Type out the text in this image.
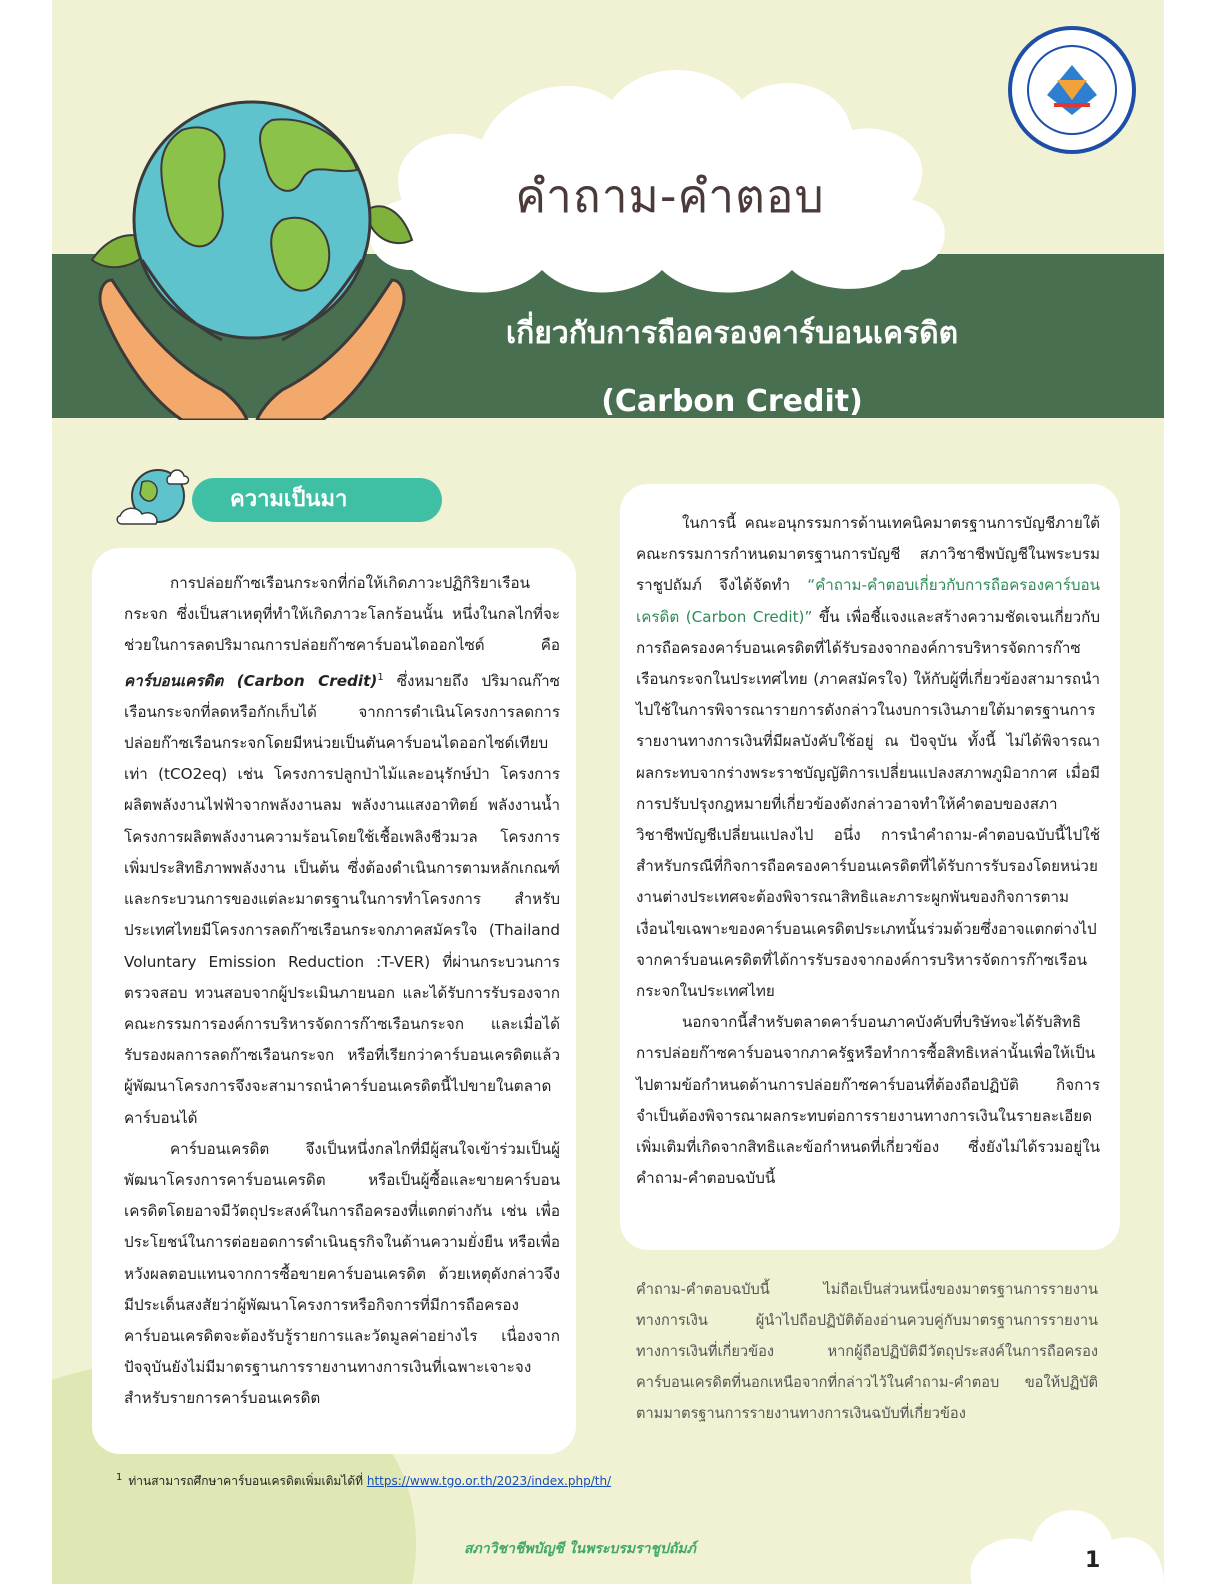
คำถาม-คำตอบ
เกี่ยวกับการถือครองคาร์บอนเครดิต
(Carbon Credit)
ความเป็นมา

การปล่อยก๊าซเรือนกระจกที่ก่อให้เกิดภาวะปฏิกิริยาเรือนกระจก ซึ่งเป็นสาเหตุที่ทำให้เกิดภาวะโลกร้อนนั้น หนึ่งในกลไกที่จะช่วยในการลดปริมาณการปล่อยก๊าซคาร์บอนไดออกไซด์ คือ คาร์บอนเครดิต (Carbon Credit)$^1$ ซึ่งหมายถึง ปริมาณก๊าซเรือนกระจกที่ลดหรือกักเก็บได้ จากการดำเนินโครงการลดการปล่อยก๊าซเรือนกระจกโดยมีหน่วยเป็นตันคาร์บอนไดออกไซด์เทียบเท่า (tCO2eq) เช่น โครงการปลูกป่าไม้และอนุรักษ์ป่า โครงการผลิตพลังงานไฟฟ้าจากพลังงานลม พลังงานแสงอาทิตย์ พลังงานน้ำ โครงการผลิตพลังงานความร้อนโดยใช้เชื้อเพลิงชีวมวล โครงการเพิ่มประสิทธิภาพพลังงาน เป็นต้น ซึ่งต้องดำเนินการตามหลักเกณฑ์และกระบวนการของแต่ละมาตรฐานในการทำโครงการ สำหรับประเทศไทยมีโครงการลดก๊าซเรือนกระจกภาคสมัครใจ (Thailand Voluntary Emission Reduction :T-VER) ที่ผ่านกระบวนการตรวจสอบ ทวนสอบจากผู้ประเมินภายนอก และได้รับการรับรองจากคณะกรรมการองค์การบริหารจัดการก๊าซเรือนกระจก และเมื่อได้รับรองผลการลดก๊าซเรือนกระจก หรือที่เรียกว่าคาร์บอนเครดิตแล้ว ผู้พัฒนาโครงการจึงจะสามารถนำคาร์บอนเครดิตนี้ไปขายในตลาดคาร์บอนได้

คาร์บอนเครดิต จึงเป็นหนึ่งกลไกที่มีผู้สนใจเข้าร่วมเป็นผู้พัฒนาโครงการคาร์บอนเครดิต หรือเป็นผู้ซื้อและขายคาร์บอนเครดิตโดยอาจมีวัตถุประสงค์ในการถือครองที่แตกต่างกัน เช่น เพื่อประโยชน์ในการต่อยอดการดำเนินธุรกิจในด้านความยั่งยืน หรือเพื่อหวังผลตอบแทนจากการซื้อขายคาร์บอนเครดิต ด้วยเหตุดังกล่าวจึงมีประเด็นสงสัยว่าผู้พัฒนาโครงการหรือกิจการที่มีการถือครองคาร์บอนเครดิตจะต้องรับรู้รายการและวัดมูลค่าอย่างไร เนื่องจากปัจจุบันยังไม่มีมาตรฐานการรายงานทางการเงินที่เฉพาะเจาะจงสำหรับรายการคาร์บอนเครดิต

ในการนี้ คณะอนุกรรมการด้านเทคนิคมาตรฐานการบัญชีภายใต้คณะกรรมการกำหนดมาตรฐานการบัญชี สภาวิชาชีพบัญชีในพระบรมราชูปถัมภ์ จึงได้จัดทำ “คำถาม-คำตอบเกี่ยวกับการถือครองคาร์บอนเครดิต (Carbon Credit)” ขึ้น เพื่อชี้แจงและสร้างความชัดเจนเกี่ยวกับการถือครองคาร์บอนเครดิตที่ได้รับรองจากองค์การบริหารจัดการก๊าซเรือนกระจกในประเทศไทย (ภาคสมัครใจ) ให้กับผู้ที่เกี่ยวข้องสามารถนำไปใช้ในการพิจารณารายการดังกล่าวในงบการเงินภายใต้มาตรฐานการรายงานทางการเงินที่มีผลบังคับใช้อยู่ ณ ปัจจุบัน ทั้งนี้ ไม่ได้พิจารณาผลกระทบจากร่างพระราชบัญญัติการเปลี่ยนแปลงสภาพภูมิอากาศ เมื่อมีการปรับปรุงกฎหมายที่เกี่ยวข้องดังกล่าวอาจทำให้คำตอบของสภาวิชาชีพบัญชีเปลี่ยนแปลงไป อนึ่ง การนำคำถาม-คำตอบฉบับนี้ไปใช้สำหรับกรณีที่กิจการถือครองคาร์บอนเครดิตที่ได้รับการรับรองโดยหน่วยงานต่างประเทศจะต้องพิจารณาสิทธิและภาระผูกพันของกิจการตามเงื่อนไขเฉพาะของคาร์บอนเครดิตประเภทนั้นร่วมด้วยซึ่งอาจแตกต่างไปจากคาร์บอนเครดิตที่ได้การรับรองจากองค์การบริหารจัดการก๊าซเรือนกระจกในประเทศไทย

นอกจากนี้สำหรับตลาดคาร์บอนภาคบังคับที่บริษัทจะได้รับสิทธิการปล่อยก๊าซคาร์บอนจากภาครัฐหรือทำการซื้อสิทธิเหล่านั้นเพื่อให้เป็นไปตามข้อกำหนดด้านการปล่อยก๊าซคาร์บอนที่ต้องถือปฏิบัติ กิจการจำเป็นต้องพิจารณาผลกระทบต่อการรายงานทางการเงินในรายละเอียดเพิ่มเติมที่เกิดจากสิทธิและข้อกำหนดที่เกี่ยวข้อง ซึ่งยังไม่ได้รวมอยู่ในคำถาม-คำตอบฉบับนี้

คำถาม-คำตอบฉบับนี้ ไม่ถือเป็นส่วนหนึ่งของมาตรฐานการรายงานทางการเงิน ผู้นำไปถือปฏิบัติต้องอ่านควบคู่กับมาตรฐานการรายงานทางการเงินที่เกี่ยวข้อง หากผู้ถือปฏิบัติมีวัตถุประสงค์ในการถือครองคาร์บอนเครดิตที่นอกเหนือจากที่กล่าวไว้ในคำถาม-คำตอบ ขอให้ปฏิบัติตามมาตรฐานการรายงานทางการเงินฉบับที่เกี่ยวข้อง

$^1$ ท่านสามารถศึกษาคาร์บอนเครดิตเพิ่มเติมได้ที่ https://www.tgo.or.th/2023/index.php/th/
สภาวิชาชีพบัญชี ในพระบรมราชูปถัมภ์	1
